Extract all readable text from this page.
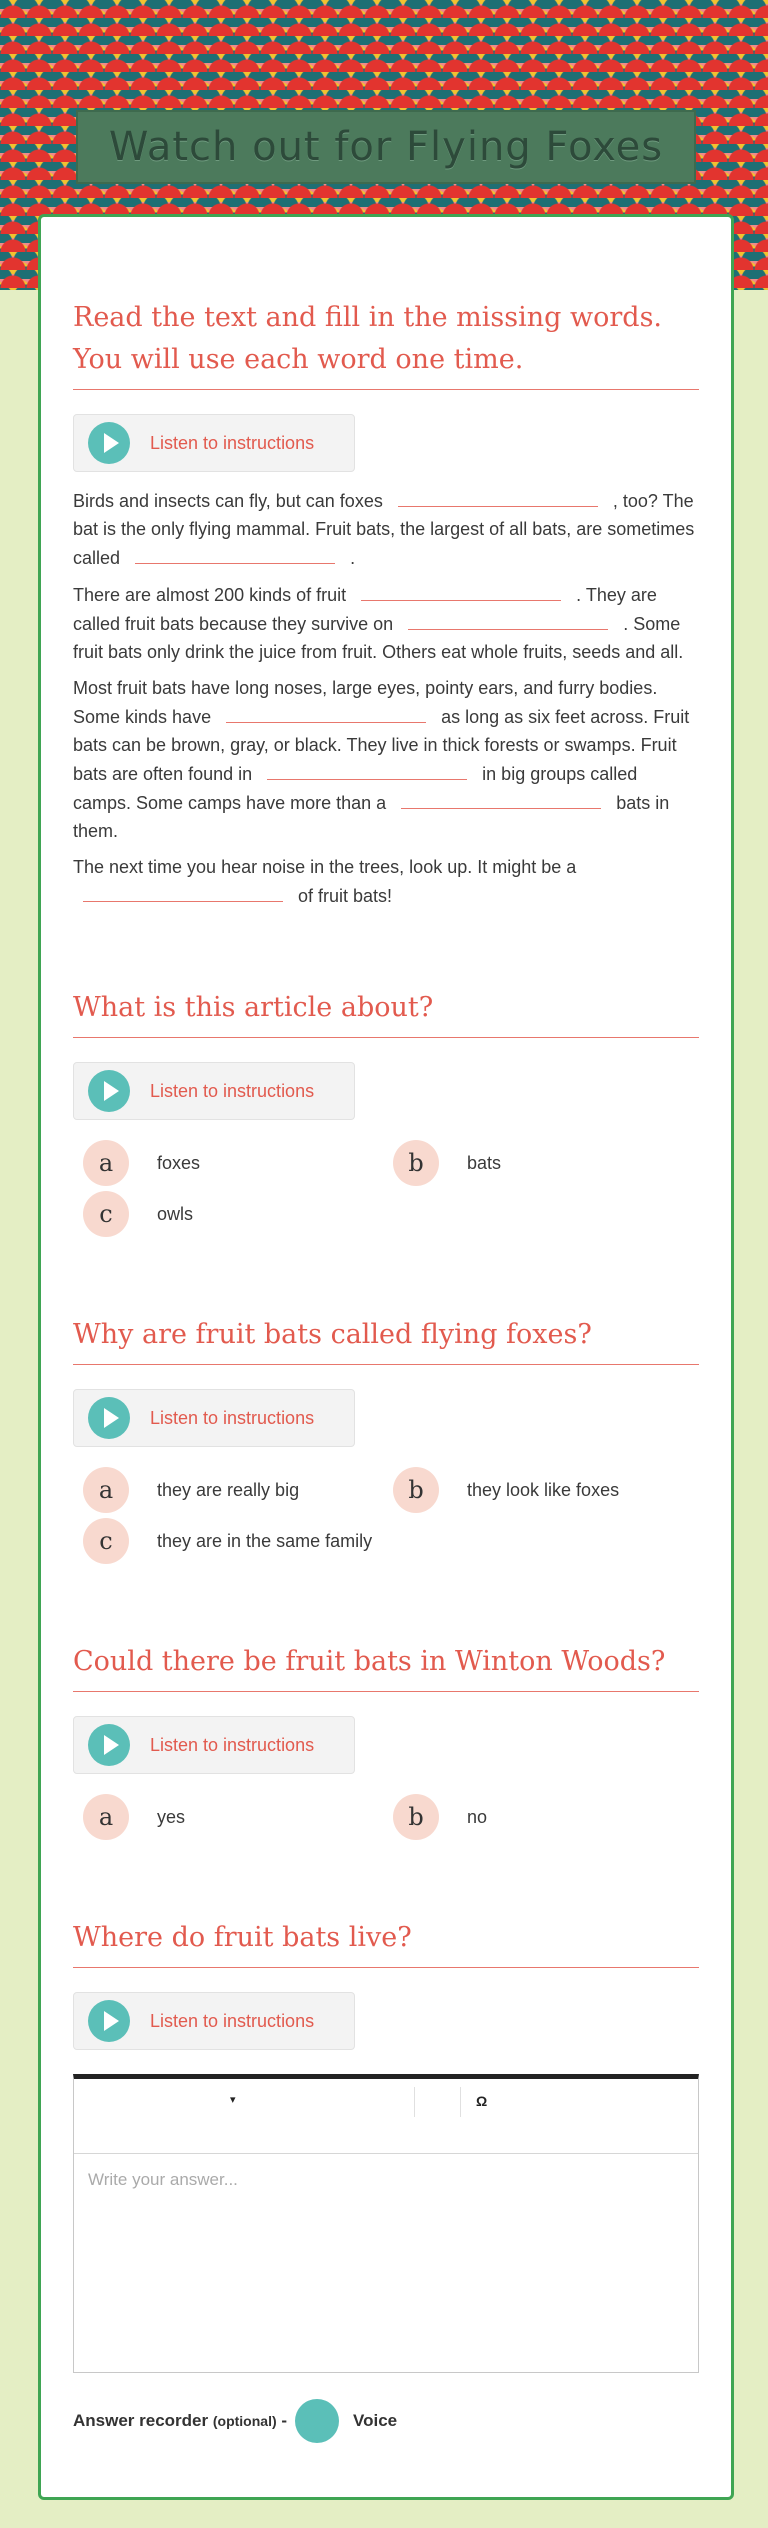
Watch out for Flying Foxes
Read the text and fill in the missing words. You will use each word one time.
Listen to instructions

Birds and insects can fly, but can foxes	, too? The bat is the only flying mammal. Fruit bats, the largest of all bats, are sometimes called	.

There are almost 200 kinds of fruit	. They are called fruit bats because they survive on	. Some fruit bats only drink the juice from fruit. Others eat whole fruits, seeds and all.

Most fruit bats have long noses, large eyes, pointy ears, and furry bodies. Some kinds have	as long as six feet across. Fruit bats can be brown, gray, or black. They live in thick forests or swamps. Fruit bats are often found in	in big groups called camps. Some camps have more than a	bats in them.

The next time you hear noise in the trees, look up. It might be a  of fruit bats!

What is this article about?
Listen to instructions
a	foxes	b	bats
c	owls
Why are fruit bats called flying foxes?
Listen to instructions
a	they are really big	b	they look like foxes
c	they are in the same family
Could there be fruit bats in Winton Woods?
Listen to instructions
a	yes	b	no
Where do fruit bats live?
Listen to instructions
▾	Ω
Write your answer...
Answer recorder
(optional)
-	Voice
